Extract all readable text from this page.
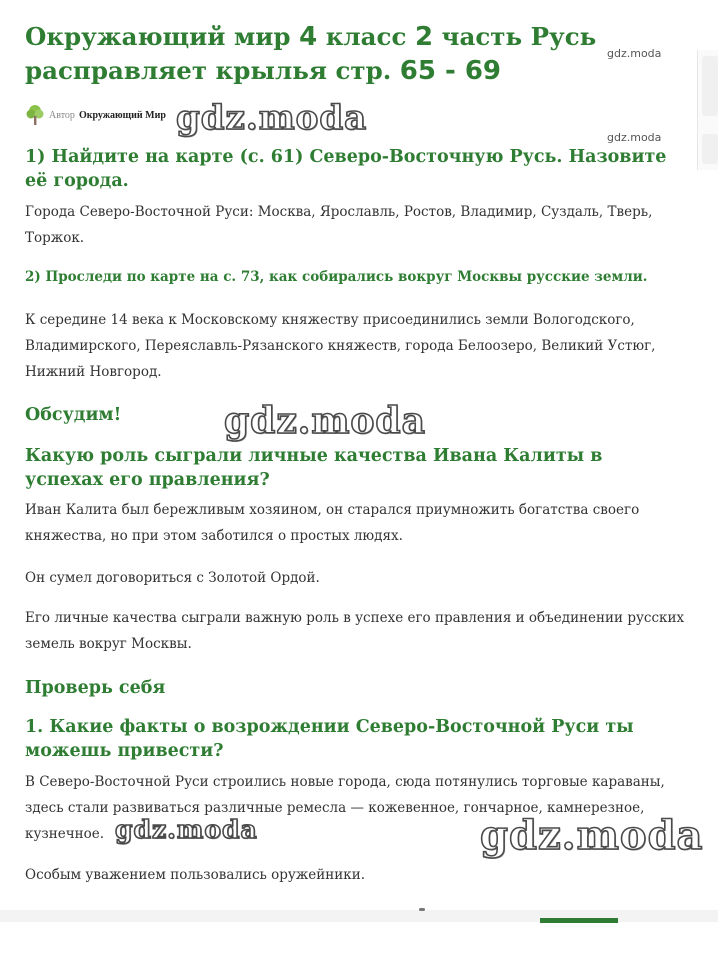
Окружающий мир 4 класс 2 часть Русь расправляет крылья стр. 65 - 69
gdz.moda
Автор Окружающий Мир gdz.moda	gdz.moda
1) Найдите на карте (с. 61) Северо-Восточную Русь. Назовите её города.

Города Северо-Восточной Руси: Москва, Ярославль, Ростов, Владимир, Суздаль, Тверь, Торжок.

2) Проследи по карте на с. 73, как собирались вокруг Москвы русские земли.

К середине 14 века к Московскому княжеству присоединились земли Вологодского, Владимирского, Переяславль-Рязанского княжеств, города Белоозеро, Великий Устюг, Нижний Новгород.

Обсудим!	gdz.moda
Какую роль сыграли личные качества Ивана Калиты в успехах его правления?

Иван Калита был бережливым хозяином, он старался приумножить богатства своего княжества, но при этом заботился о простых людях.

Он сумел договориться с Золотой Ордой.

Его личные качества сыграли важную роль в успехе его правления и объединении русских земель вокруг Москвы.

Проверь себя
1. Какие факты о возрождении Северо-Восточной Руси ты можешь привести?

В Северо-Восточной Руси строились новые города, сюда потянулись торговые караваны, здесь стали развиваться различные ремесла — кожевенное, гончарное, камнерезное, кузнечное. gdz.moda	gdz.moda

Особым уважением пользовались оружейники.
